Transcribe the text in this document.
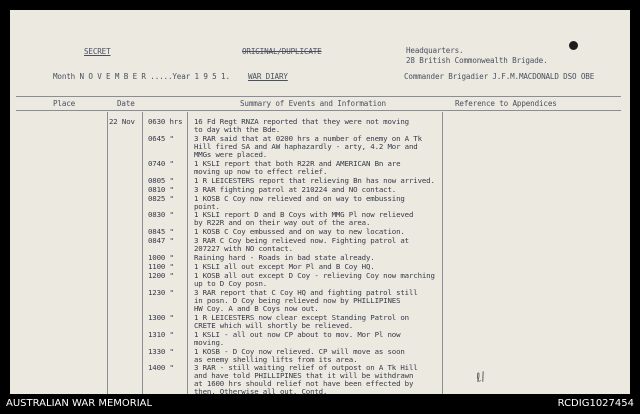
SECRET	ORIGINAL/DUPLICATE	Headquarters.
28 British Commonwealth Brigade.
Month N O V E M B E R .....Year 1 9 5 1. WAR DIARY	Commander Brigadier J.F.M.MACDONALD DSO OBE
Place	Date	Summary of Events and Information	Reference to Appendices
22 Nov 0630 hrs 16 Fd Regt RNZA reported that they were not moving
to day with the Bde.
0645 "	3 RAR said that at 0200 hrs a number of enemy on A Tk
Hill fired SA and AW haphazardly - arty, 4.2 Mor and
MMGs were placed.
0740 "	1 KSLI report that both R22R and AMERICAN Bn are
moving up now to effect relief.
0805 "	1 R LEICESTERS report that relieving Bn has now arrived.
0810 "	3 RAR fighting patrol at 210224 and NO contact.
0825 "	1 KOSB C Coy now relieved and on way to embussing
point.
0830 "	1 KSLI report D and B Coys with MMG Pl now relieved
by R22R and on their way out of the area.
0845 "	1 KOSB C Coy embussed and on way to new location.
0847 "	3 RAR C Coy being relieved now. Fighting patrol at
207227 with NO contact.
1000 "	Raining hard - Roads in bad state already.
1100 "	1 KSLI all out except Mor Pl and B Coy HQ.
1200 "	1 KOSB all out except D Coy - relieving Coy now marching
up to D Coy posn.
1230 "	3 RAR report that C Coy HQ and fighting patrol still
in posn. D Coy being relieved now by PHILLIPINES
HW Coy. A and B Coys now out.
1300 "	1 R LEICESTERS now clear except Standing Patrol on
CRETE which will shortly be relieved.
1310 "	1 KSLI - all out now CP about to mov. Mor Pl now
moving.
1330 "	1 KOSB - D Coy now relieved. CP will move as soon
as enemy shelling lifts from its area.
1400 "	3 RAR - still waiting relief of outpost on A Tk Hill
and have told PHILLIPINES that it will be withdrawn
at 1600 hrs should relief not have been effected by
then. Otherwise all out. Contd.
ℓ/
AUSTRALIAN WAR MEMORIAL	RCDIG1027454
